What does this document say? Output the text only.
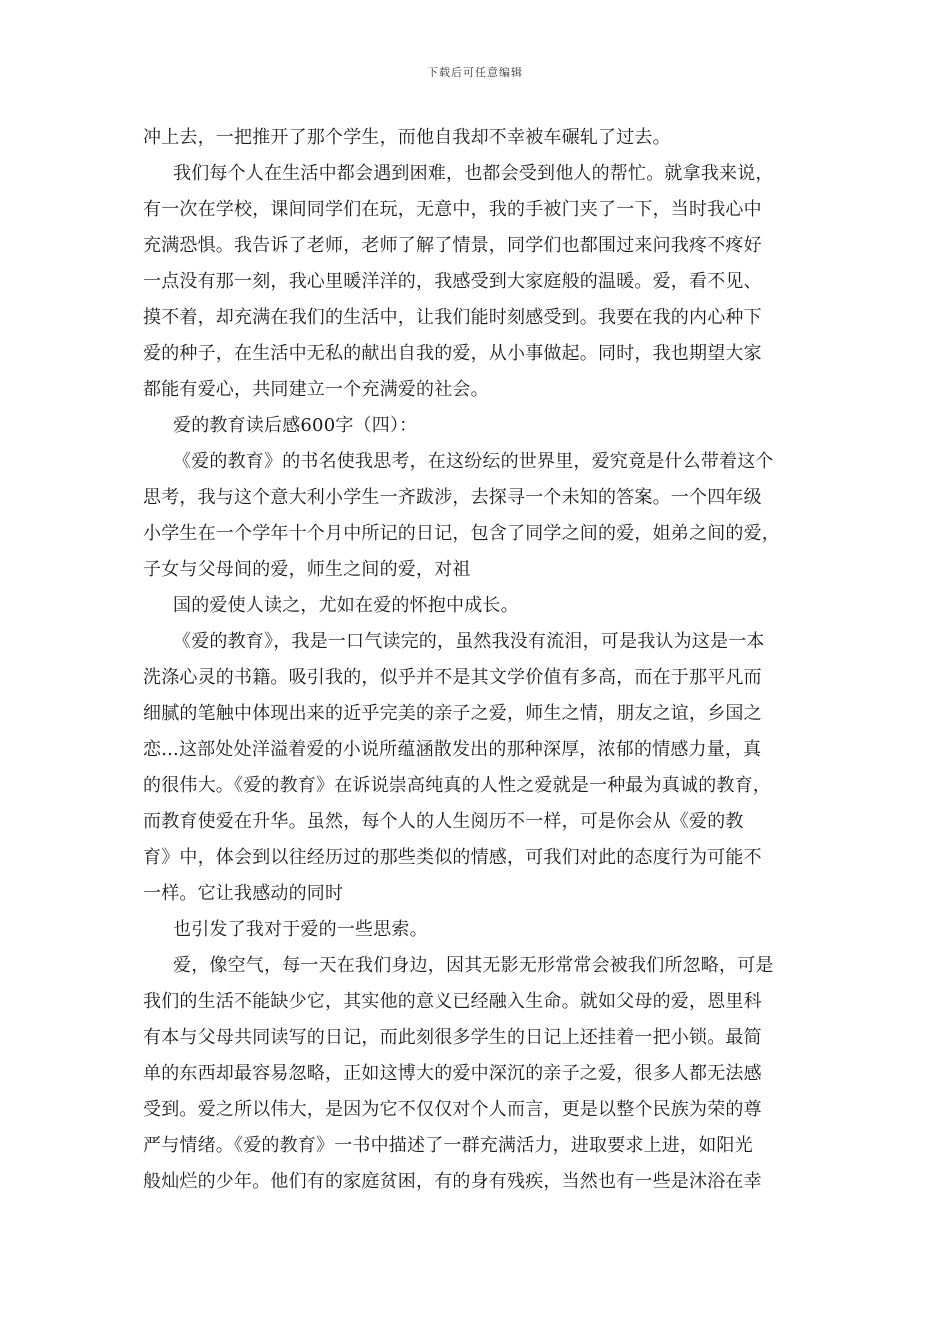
下载后可任意编辑
冲上去，一把推开了那个学生，而他自我却不幸被车碾轧了过去。
我们每个人在生活中都会遇到困难，也都会受到他人的帮忙。就拿我来说，
有一次在学校，课间同学们在玩，无意中，我的手被门夹了一下，当时我心中
充满恐惧。我告诉了老师，老师了解了情景，同学们也都围过来问我疼不疼好
一点没有那一刻，我心里暖洋洋的，我感受到大家庭般的温暖。爱，看不见、
摸不着，却充满在我们的生活中，让我们能时刻感受到。我要在我的内心种下
爱的种子，在生活中无私的献出自我的爱，从小事做起。同时，我也期望大家
都能有爱心，共同建立一个充满爱的社会。
爱的教育读后感600字（四）：
《爱的教育》的书名使我思考，在这纷纭的世界里，爱究竟是什么带着这个
思考，我与这个意大利小学生一齐跋涉，去探寻一个未知的答案。一个四年级
小学生在一个学年十个月中所记的日记，包含了同学之间的爱，姐弟之间的爱，
子女与父母间的爱，师生之间的爱，对祖
国的爱使人读之，尤如在爱的怀抱中成长。
《爱的教育》，我是一口气读完的，虽然我没有流泪，可是我认为这是一本
洗涤心灵的书籍。吸引我的，似乎并不是其文学价值有多高，而在于那平凡而
细腻的笔触中体现出来的近乎完美的亲子之爱，师生之情，朋友之谊，乡国之
恋...这部处处洋溢着爱的小说所蕴涵散发出的那种深厚，浓郁的情感力量，真
的很伟大。《爱的教育》在诉说崇高纯真的人性之爱就是一种最为真诚的教育，
而教育使爱在升华。虽然，每个人的人生阅历不一样，可是你会从《爱的教
育》中，体会到以往经历过的那些类似的情感，可我们对此的态度行为可能不
一样。它让我感动的同时
也引发了我对于爱的一些思索。
爱，像空气，每一天在我们身边，因其无影无形常常会被我们所忽略，可是
我们的生活不能缺少它，其实他的意义已经融入生命。就如父母的爱，恩里科
有本与父母共同读写的日记，而此刻很多学生的日记上还挂着一把小锁。最简
单的东西却最容易忽略，正如这博大的爱中深沉的亲子之爱，很多人都无法感
受到。爱之所以伟大，是因为它不仅仅对个人而言，更是以整个民族为荣的尊
严与情绪。《爱的教育》一书中描述了一群充满活力，进取要求上进，如阳光
般灿烂的少年。他们有的家庭贫困，有的身有残疾，当然也有一些是沐浴在幸
